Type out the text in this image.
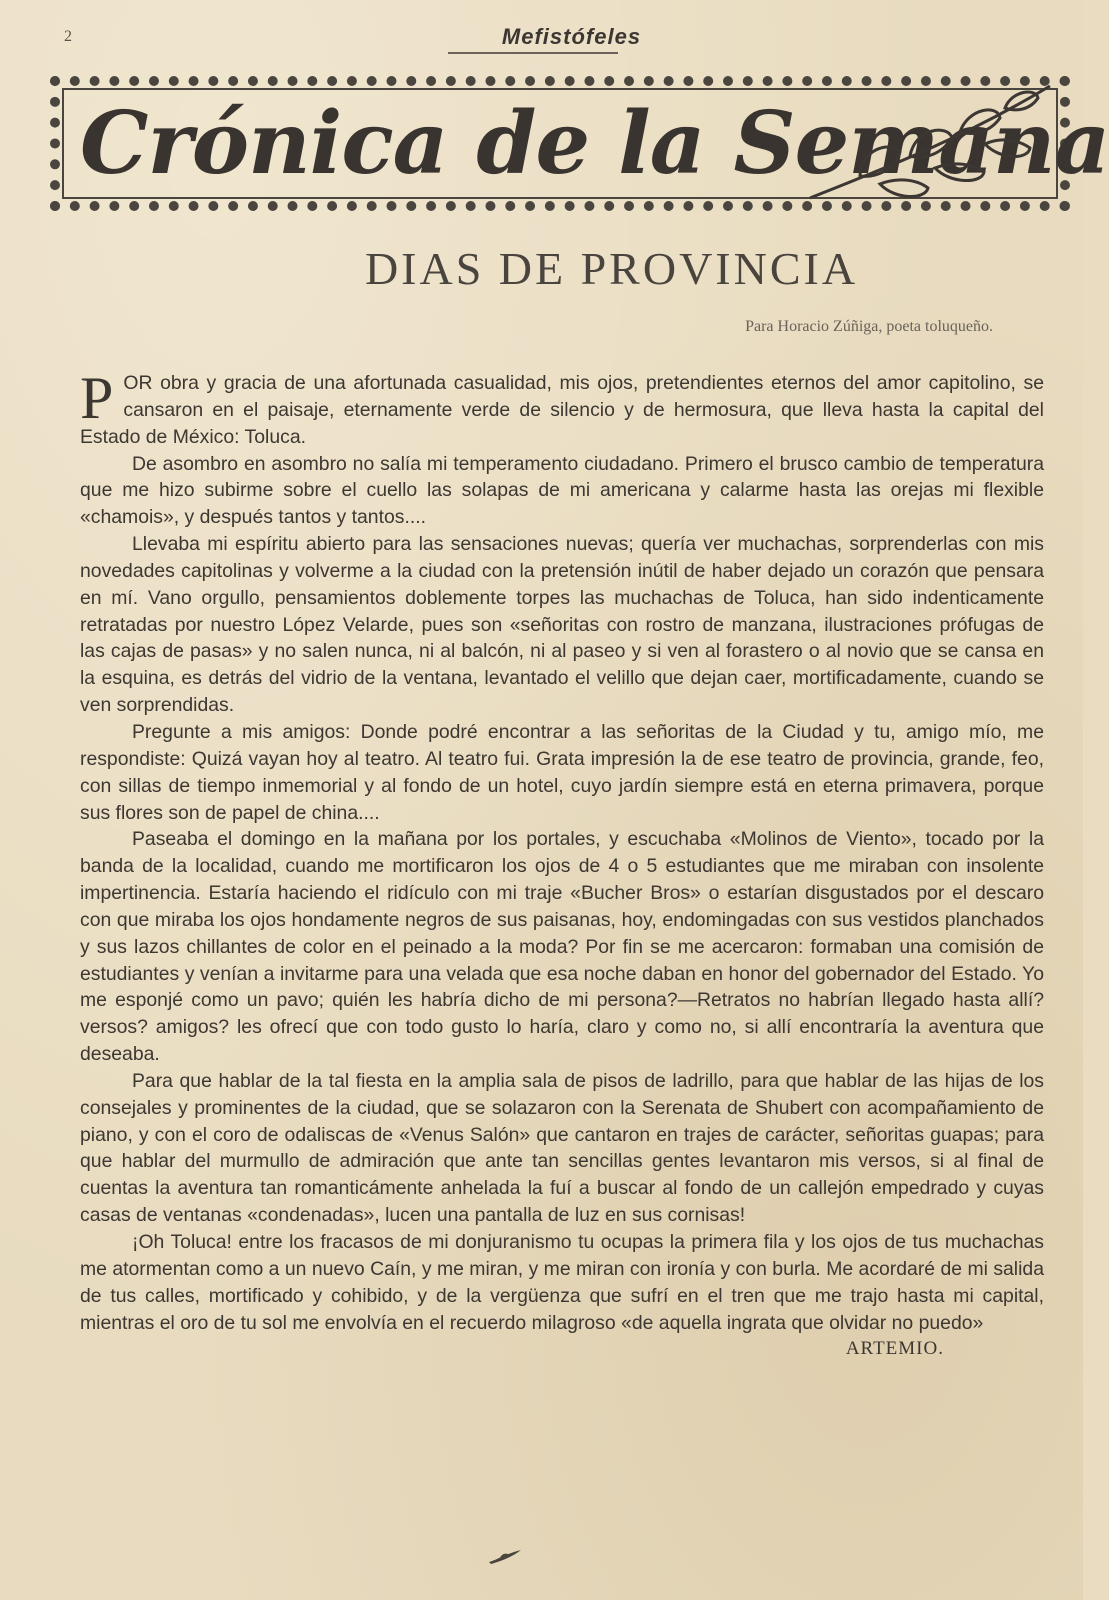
2	Mefistófeles
Crónica de la Semana
DIAS DE PROVINCIA
Para Horacio Zúñiga, poeta toluqueño.

POR obra y gracia de una afortunada casualidad, mis ojos, pretendientes eternos del amor capitolino, se cansaron en el paisaje, eternamente verde de silencio y de hermosura, que lleva hasta la capital del Estado de México: Toluca.

De asombro en asombro no salía mi temperamento ciudadano. Primero el brusco cambio de temperatura que me hizo subirme sobre el cuello las solapas de mi americana y calarme hasta las orejas mi flexible «chamois», y después tantos y tantos....

Llevaba mi espíritu abierto para las sensaciones nuevas; quería ver muchachas, sorprenderlas con mis novedades capitolinas y volverme a la ciudad con la pretensión inútil de haber dejado un corazón que pensara en mí. Vano orgullo, pensamientos doblemente torpes las muchachas de Toluca, han sido indenticamente retratadas por nuestro López Velarde, pues son «señoritas con rostro de manzana, ilustraciones prófugas de las cajas de pasas» y no salen nunca, ni al balcón, ni al paseo y si ven al forastero o al novio que se cansa en la esquina, es detrás del vidrio de la ventana, levantado el velillo que dejan caer, mortificadamente, cuando se ven sorprendidas.

Pregunte a mis amigos: Donde podré encontrar a las señoritas de la Ciudad y tu, amigo mío, me respondiste: Quizá vayan hoy al teatro. Al teatro fui. Grata impresión la de ese teatro de provincia, grande, feo, con sillas de tiempo inmemorial y al fondo de un hotel, cuyo jardín siempre está en eterna primavera, porque sus flores son de papel de china....

Paseaba el domingo en la mañana por los portales, y escuchaba «Molinos de Viento», tocado por la banda de la localidad, cuando me mortificaron los ojos de 4 o 5 estudiantes que me miraban con insolente impertinencia. Estaría haciendo el ridículo con mi traje «Bucher Bros» o estarían disgustados por el descaro con que miraba los ojos hondamente negros de sus paisanas, hoy, endomingadas con sus vestidos planchados y sus lazos chillantes de color en el peinado a la moda? Por fin se me acercaron: formaban una comisión de estudiantes y venían a invitarme para una velada que esa noche daban en honor del gobernador del Estado. Yo me esponjé como un pavo; quién les habría dicho de mi persona?—Retratos no habrían llegado hasta allí? versos? amigos? les ofrecí que con todo gusto lo haría, claro y como no, si allí encontraría la aventura que deseaba.

Para que hablar de la tal fiesta en la amplia sala de pisos de ladrillo, para que hablar de las hijas de los consejales y prominentes de la ciudad, que se solazaron con la Serenata de Shubert con acompañamiento de piano, y con el coro de odaliscas de «Venus Salón» que cantaron en trajes de carácter, señoritas guapas; para que hablar del murmullo de admiración que ante tan sencillas gentes levantaron mis versos, si al final de cuentas la aventura tan romanticámente anhelada la fuí a buscar al fondo de un callejón empedrado y cuyas casas de ventanas «condenadas», lucen una pantalla de luz en sus cornisas!

¡Oh Toluca! entre los fracasos de mi donjuranismo tu ocupas la primera fila y los ojos de tus muchachas me atormentan como a un nuevo Caín, y me miran, y me miran con ironía y con burla. Me acordaré de mi salida de tus calles, mortificado y cohibido, y de la vergüenza que sufrí en el tren que me trajo hasta mi capital, mientras el oro de tu sol me envolvía en el recuerdo milagroso «de aquella ingrata que olvidar no puedo»

ARTEMIO.
